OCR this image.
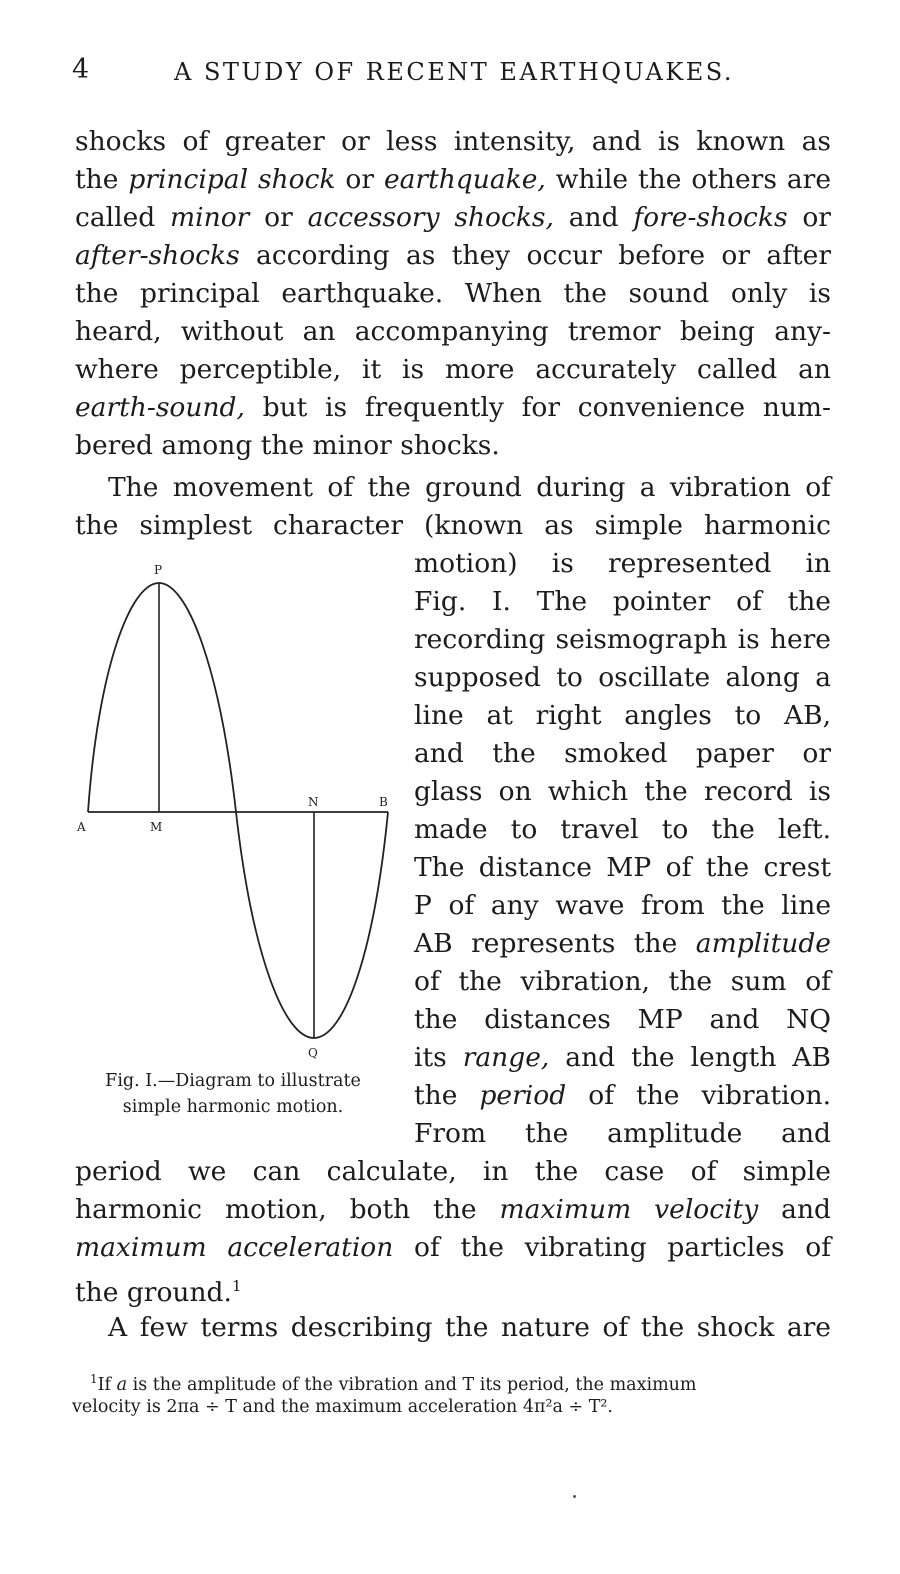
4	A STUDY OF RECENT EARTHQUAKES.
shocks of greater or less intensity, and is known as
the principal shock or earthquake, while the others are
called minor or accessory shocks, and fore-shocks or
after-shocks according as they occur before or after
the principal earthquake. When the sound only is
heard, without an accompanying tremor being any-
where perceptible, it is more accurately called an
earth-sound, but is frequently for convenience num-
bered among the minor shocks.
The movement of the ground during a vibration of
the simplest character (known as simple harmonic
motion) is represented in
Fig. I. The pointer of the
recording seismograph is here
supposed to oscillate along a
line at right angles to AB,
and the smoked paper or
glass on which the record is
made to travel to the left.
The distance MP of the crest
P of any wave from the line
AB represents the amplitude
of the vibration, the sum of
the distances MP and NQ
its range, and the length AB
the period of the vibration.
From the amplitude and
period we can calculate, in the case of simple
harmonic motion, both the maximum velocity and
maximum acceleration of the vibrating particles of
the ground.$^1$
A few terms describing the nature of the shock are
P
A	M
N	B
Q
Fig. I.—Diagram to illustrate
simple harmonic motion.
$^1$If a is the amplitude of the vibration and T its period, the maximum
velocity is 2πa ÷ T and the maximum acceleration 4π²a ÷ T².
